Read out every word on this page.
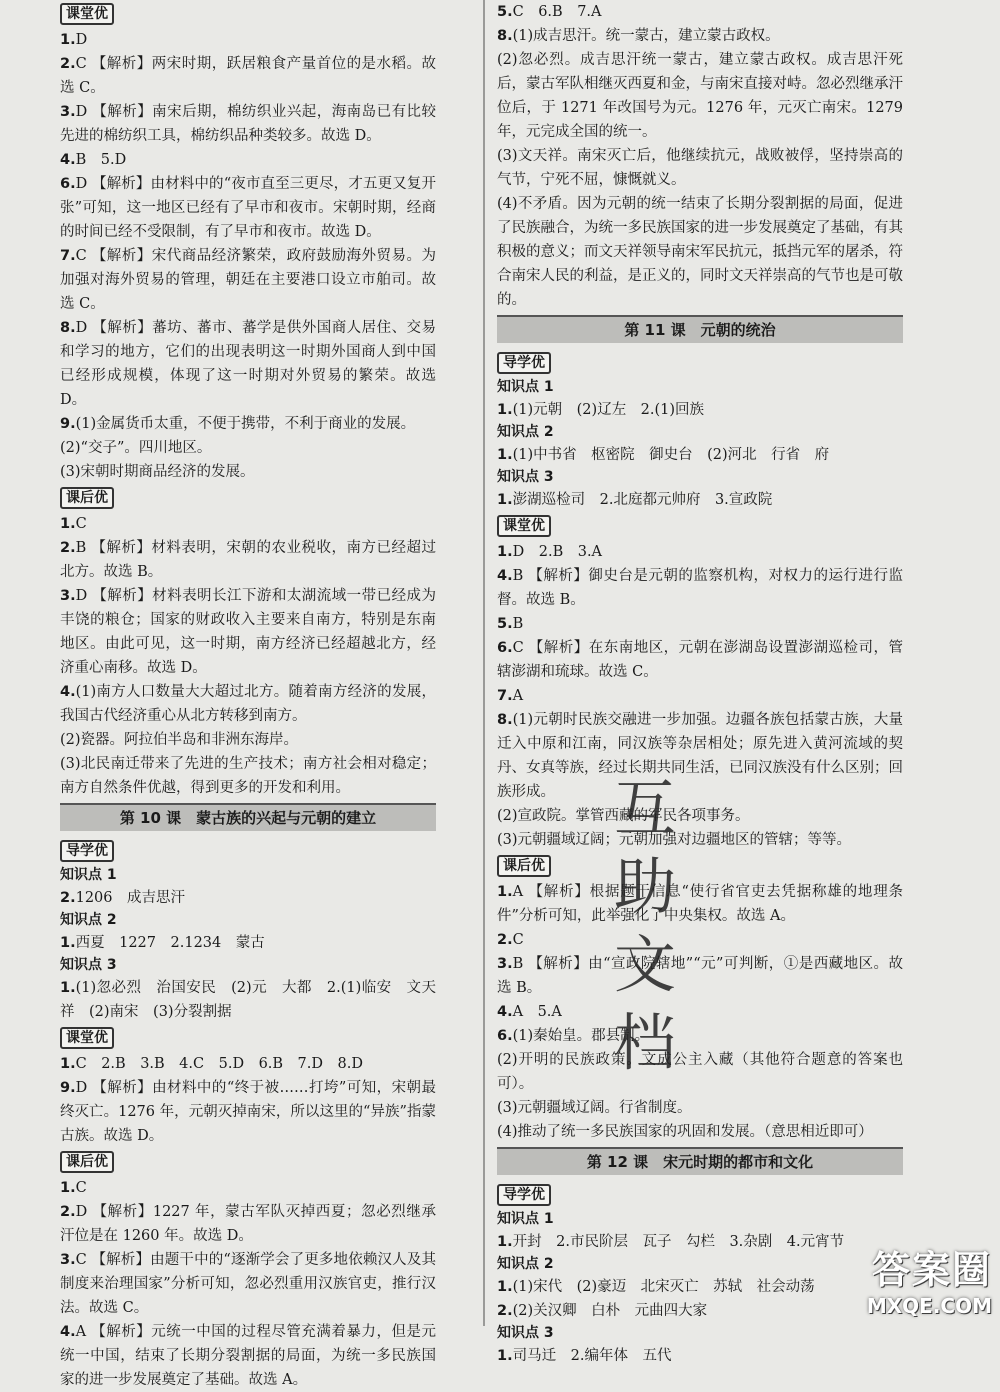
课堂优

1.D

2.C 【解析】两宋时期，跃居粮食产量首位的是水稻。故选 C。

3.D 【解析】南宋后期，棉纺织业兴起，海南岛已有比较先进的棉纺织工具，棉纺织品种类较多。故选 D。

4.B　5.D

6.D 【解析】由材料中的“夜市直至三更尽，才五更又复开张”可知，这一地区已经有了早市和夜市。宋朝时期，经商的时间已经不受限制，有了早市和夜市。故选 D。

7.C 【解析】宋代商品经济繁荣，政府鼓励海外贸易。为加强对海外贸易的管理，朝廷在主要港口设立市舶司。故选 C。

8.D 【解析】蕃坊、蕃市、蕃学是供外国商人居住、交易和学习的地方，它们的出现表明这一时期外国商人到中国已经形成规模，体现了这一时期对外贸易的繁荣。故选 D。

9.(1)金属货币太重，不便于携带，不利于商业的发展。

(2)“交子”。四川地区。

(3)宋朝时期商品经济的发展。

课后优

1.C

2.B 【解析】材料表明，宋朝的农业税收，南方已经超过北方。故选 B。

3.D 【解析】材料表明长江下游和太湖流域一带已经成为丰饶的粮仓；国家的财政收入主要来自南方，特别是东南地区。由此可见，这一时期，南方经济已经超越北方，经济重心南移。故选 D。

4.(1)南方人口数量大大超过北方。随着南方经济的发展，我国古代经济重心从北方转移到南方。

(2)瓷器。阿拉伯半岛和非洲东海岸。

(3)北民南迁带来了先进的生产技术；南方社会相对稳定；南方自然条件优越，得到更多的开发和利用。

第 10 课　蒙古族的兴起与元朝的建立
导学优
知识点 1

2.1206　成吉思汗

知识点 2

1.西夏　1227　2.1234　蒙古

知识点 3

1.(1)忽必烈　治国安民　(2)元　大都　2.(1)临安　文天祥　(2)南宋　(3)分裂割据

课堂优

1.C　2.B　3.B　4.C　5.D　6.B　7.D　8.D

9.D 【解析】由材料中的“终于被……打垮”可知，宋朝最终灭亡。1276 年，元朝灭掉南宋，所以这里的“异族”指蒙古族。故选 D。

课后优

1.C

2.D 【解析】1227 年，蒙古军队灭掉西夏；忽必烈继承汗位是在 1260 年。故选 D。

3.C 【解析】由题干中的“逐渐学会了更多地依赖汉人及其制度来治理国家”分析可知，忽必烈重用汉族官吏，推行汉法。故选 C。

4.A 【解析】元统一中国的过程尽管充满着暴力，但是元统一中国，结束了长期分裂割据的局面，为统一多民族国家的进一步发展奠定了基础。故选 A。

5.C　6.B　7.A

8.(1)成吉思汗。统一蒙古，建立蒙古政权。

(2)忽必烈。成吉思汗统一蒙古，建立蒙古政权。成吉思汗死后，蒙古军队相继灭西夏和金，与南宋直接对峙。忽必烈继承汗位后，于 1271 年改国号为元。1276 年，元灭亡南宋。1279 年，元完成全国的统一。

(3)文天祥。南宋灭亡后，他继续抗元，战败被俘，坚持崇高的气节，宁死不屈，慷慨就义。

(4)不矛盾。因为元朝的统一结束了长期分裂割据的局面，促进了民族融合，为统一多民族国家的进一步发展奠定了基础，有其积极的意义；而文天祥领导南宋军民抗元，抵挡元军的屠杀，符合南宋人民的利益，是正义的，同时文天祥崇高的气节也是可敬的。

第 11 课　元朝的统治
导学优
知识点 1

1.(1)元朝　(2)辽左　2.(1)回族

知识点 2

1.(1)中书省　枢密院　御史台　(2)河北　行省　府

知识点 3

1.澎湖巡检司　2.北庭都元帅府　3.宣政院

课堂优

1.D　2.B　3.A

4.B 【解析】御史台是元朝的监察机构，对权力的运行进行监督。故选 B。

5.B

6.C 【解析】在东南地区，元朝在澎湖岛设置澎湖巡检司，管辖澎湖和琉球。故选 C。

7.A

8.(1)元朝时民族交融进一步加强。边疆各族包括蒙古族，大量迁入中原和江南，同汉族等杂居相处；原先进入黄河流域的契丹、女真等族，经过长期共同生活，已同汉族没有什么区别；回族形成。

(2)宣政院。掌管西藏的军民各项事务。

(3)元朝疆域辽阔；元朝加强对边疆地区的管辖；等等。

课后优

1.A 【解析】根据题干信息“使行省官吏去凭据称雄的地理条件”分析可知，此举强化了中央集权。故选 A。

2.C

3.B 【解析】由“宣政院辖地”“元”可判断，①是西藏地区。故选 B。

4.A　5.A

6.(1)秦始皇。郡县制。

(2)开明的民族政策。文成公主入藏（其他符合题意的答案也可）。

(3)元朝疆域辽阔。行省制度。

(4)推动了统一多民族国家的巩固和发展。（意思相近即可）

第 12 课　宋元时期的都市和文化
导学优
知识点 1

1.开封　2.市民阶层　瓦子　勾栏　3.杂剧　4.元宵节

知识点 2

1.(1)宋代　(2)豪迈　北宋灭亡　苏轼　社会动荡

2.(2)关汉卿　白朴　元曲四大家

知识点 3

1.司马迁　2.编年体　五代

互
助
文
档
答案圈
MXQE.COM
